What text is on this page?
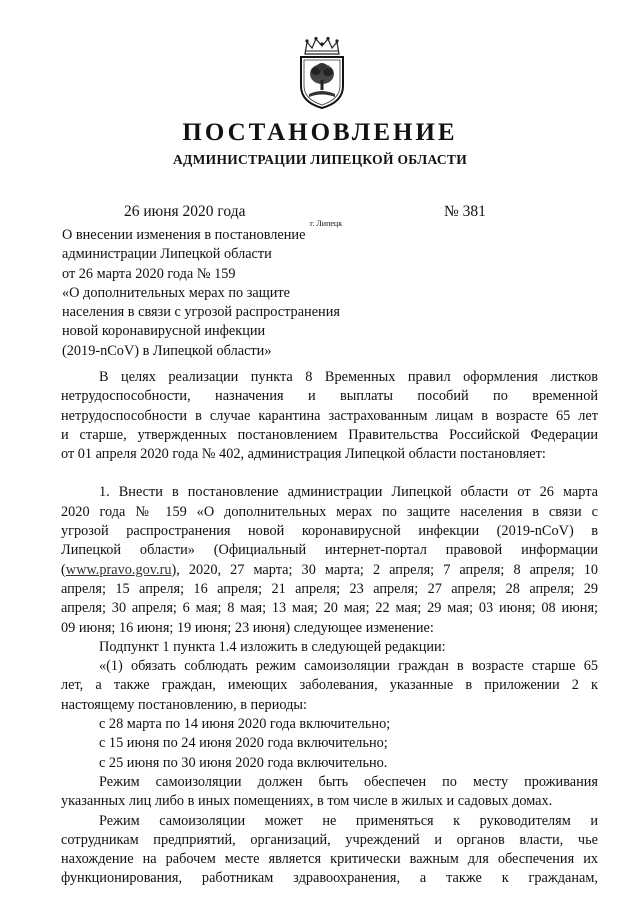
ПОСТАНОВЛЕНИЕ
АДМИНИСТРАЦИИ ЛИПЕЦКОЙ ОБЛАСТИ
26 июня 2020 года
г. Липецк
№ 381
О внесении изменения в постановление
администрации Липецкой области
от 26 марта 2020 года № 159
«О дополнительных мерах по защите
населения в связи с угрозой распространения
новой коронавирусной инфекции
(2019-nCoV) в Липецкой области»
В целях реализации пункта 8 Временных правил оформления листков
нетрудоспособности, назначения и выплаты пособий по временной
нетрудоспособности в случае карантина застрахованным лицам в возрасте 65 лет
и старше, утвержденных постановлением Правительства Российской Федерации
от 01 апреля 2020 года № 402, администрация Липецкой области постановляет:
1. Внести в постановление администрации Липецкой области от 26 марта
2020 года № 159 «О дополнительных мерах по защите населения в связи с
угрозой распространения новой коронавирусной инфекции (2019-nCoV) в
Липецкой области» (Официальный интернет-портал правовой информации
(www.pravo.gov.ru), 2020, 27 марта; 30 марта; 2 апреля; 7 апреля; 8 апреля; 10
апреля; 15 апреля; 16 апреля; 21 апреля; 23 апреля; 27 апреля; 28 апреля; 29
апреля; 30 апреля; 6 мая; 8 мая; 13 мая; 20 мая; 22 мая; 29 мая; 03 июня; 08 июня;
09 июня; 16 июня; 19 июня; 23 июня) следующее изменение:
Подпункт 1 пункта 1.4 изложить в следующей редакции:
«(1) обязать соблюдать режим самоизоляции граждан в возрасте старше 65
лет, а также граждан, имеющих заболевания, указанные в приложении 2 к
настоящему постановлению, в периоды:
с 28 марта по 14 июня 2020 года включительно;
с 15 июня по 24 июня 2020 года включительно;
с 25 июня по 30 июня 2020 года включительно.
Режим самоизоляции должен быть обеспечен по месту проживания
указанных лиц либо в иных помещениях, в том числе в жилых и садовых домах.
Режим самоизоляции может не применяться к руководителям и
сотрудникам предприятий, организаций, учреждений и органов власти, чье
нахождение на рабочем месте является критически важным для обеспечения их
функционирования, работникам здравоохранения, а также к гражданам,
